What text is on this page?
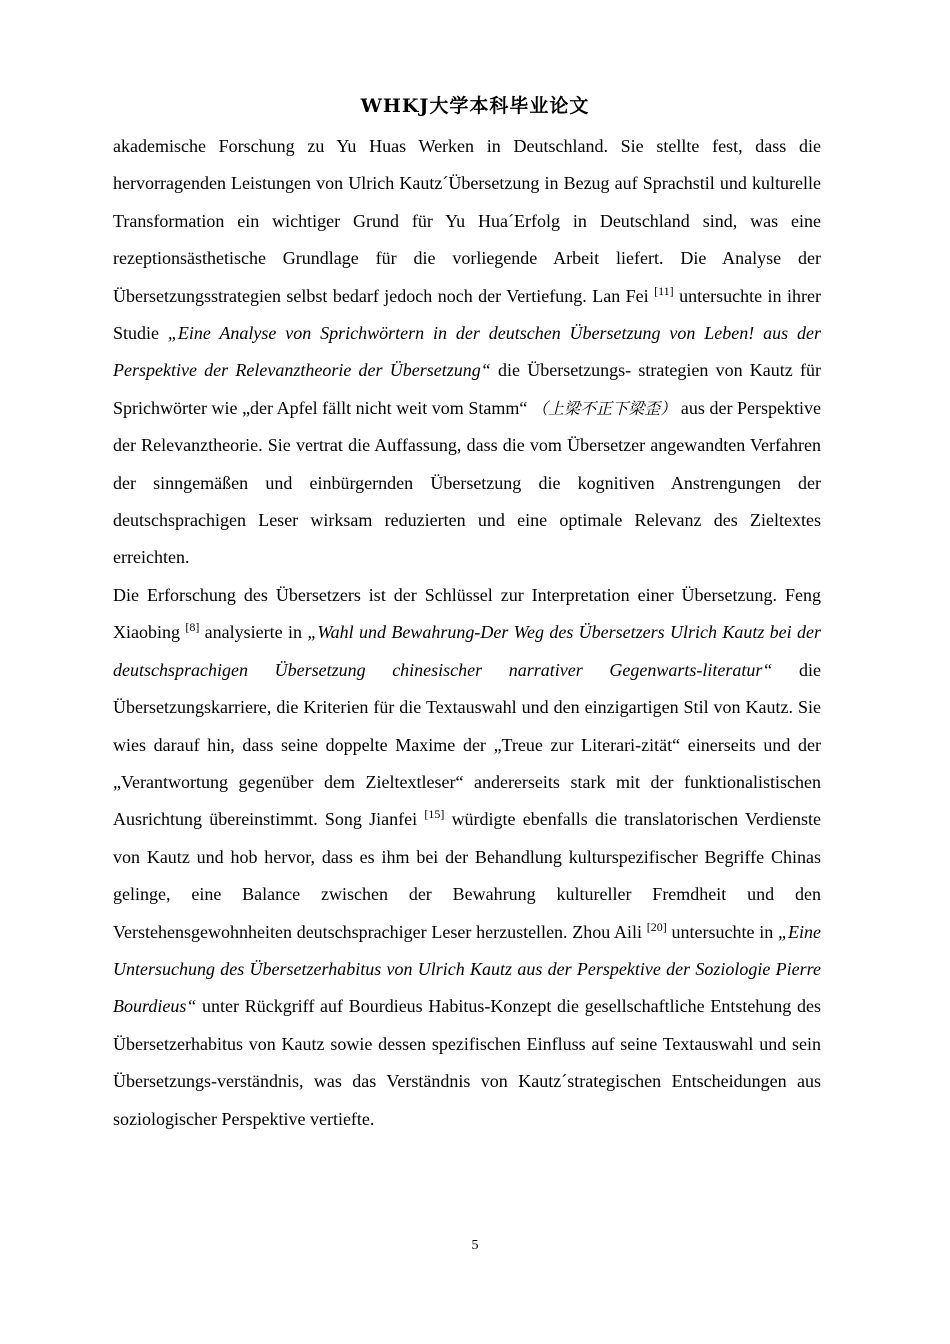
WHKJ大学本科毕业论文

akademische Forschung zu Yu Huas Werken in Deutschland. Sie stellte fest, dass die hervorragenden Leistungen von Ulrich Kautz´Übersetzung in Bezug auf Sprachstil und kulturelle Transformation ein wichtiger Grund für Yu Hua´Erfolg in Deutschland sind, was eine rezeptionsästhetische Grundlage für die vorliegende Arbeit liefert. Die Analyse der Übersetzungsstrategien selbst bedarf jedoch noch der Vertiefung. Lan Fei [11] untersuchte in ihrer Studie „Eine Analyse von Sprichwörtern in der deutschen Übersetzung von Leben! aus der Perspektive der Relevanztheorie der Übersetzung“ die Übersetzungs- strategien von Kautz für Sprichwörter wie „der Apfel fällt nicht weit vom Stamm“ （上梁不正下梁歪） aus der Perspektive der Relevanztheorie. Sie vertrat die Auffassung, dass die vom Übersetzer angewandten Verfahren der sinngemäßen und einbürgernden Übersetzung die kognitiven Anstrengungen der deutschsprachigen Leser wirksam reduzierten und eine optimale Relevanz des Zieltextes erreichten.

Die Erforschung des Übersetzers ist der Schlüssel zur Interpretation einer Übersetzung. Feng Xiaobing [8] analysierte in „Wahl und Bewahrung-Der Weg des Übersetzers Ulrich Kautz bei der deutschsprachigen Übersetzung chinesischer narrativer Gegenwarts-literatur“ die Übersetzungskarriere, die Kriterien für die Textauswahl und den einzigartigen Stil von Kautz. Sie wies darauf hin, dass seine doppelte Maxime der „Treue zur Literari-zität“ einerseits und der „Verantwortung gegenüber dem Zieltextleser“ andererseits stark mit der funktionalistischen Ausrichtung übereinstimmt. Song Jianfei [15] würdigte ebenfalls die translatorischen Verdienste von Kautz und hob hervor, dass es ihm bei der Behandlung kulturspezifischer Begriffe Chinas gelinge, eine Balance zwischen der Bewahrung kultureller Fremdheit und den Verstehensgewohnheiten deutschsprachiger Leser herzustellen. Zhou Aili [20] untersuchte in „Eine Untersuchung des Übersetzerhabitus von Ulrich Kautz aus der Perspektive der Soziologie Pierre Bourdieus“ unter Rückgriff auf Bourdieus Habitus-Konzept die gesellschaftliche Entstehung des Übersetzerhabitus von Kautz sowie dessen spezifischen Einfluss auf seine Textauswahl und sein Übersetzungs-verständnis, was das Verständnis von Kautz´strategischen Entscheidungen aus soziologischer Perspektive vertiefte.

5
